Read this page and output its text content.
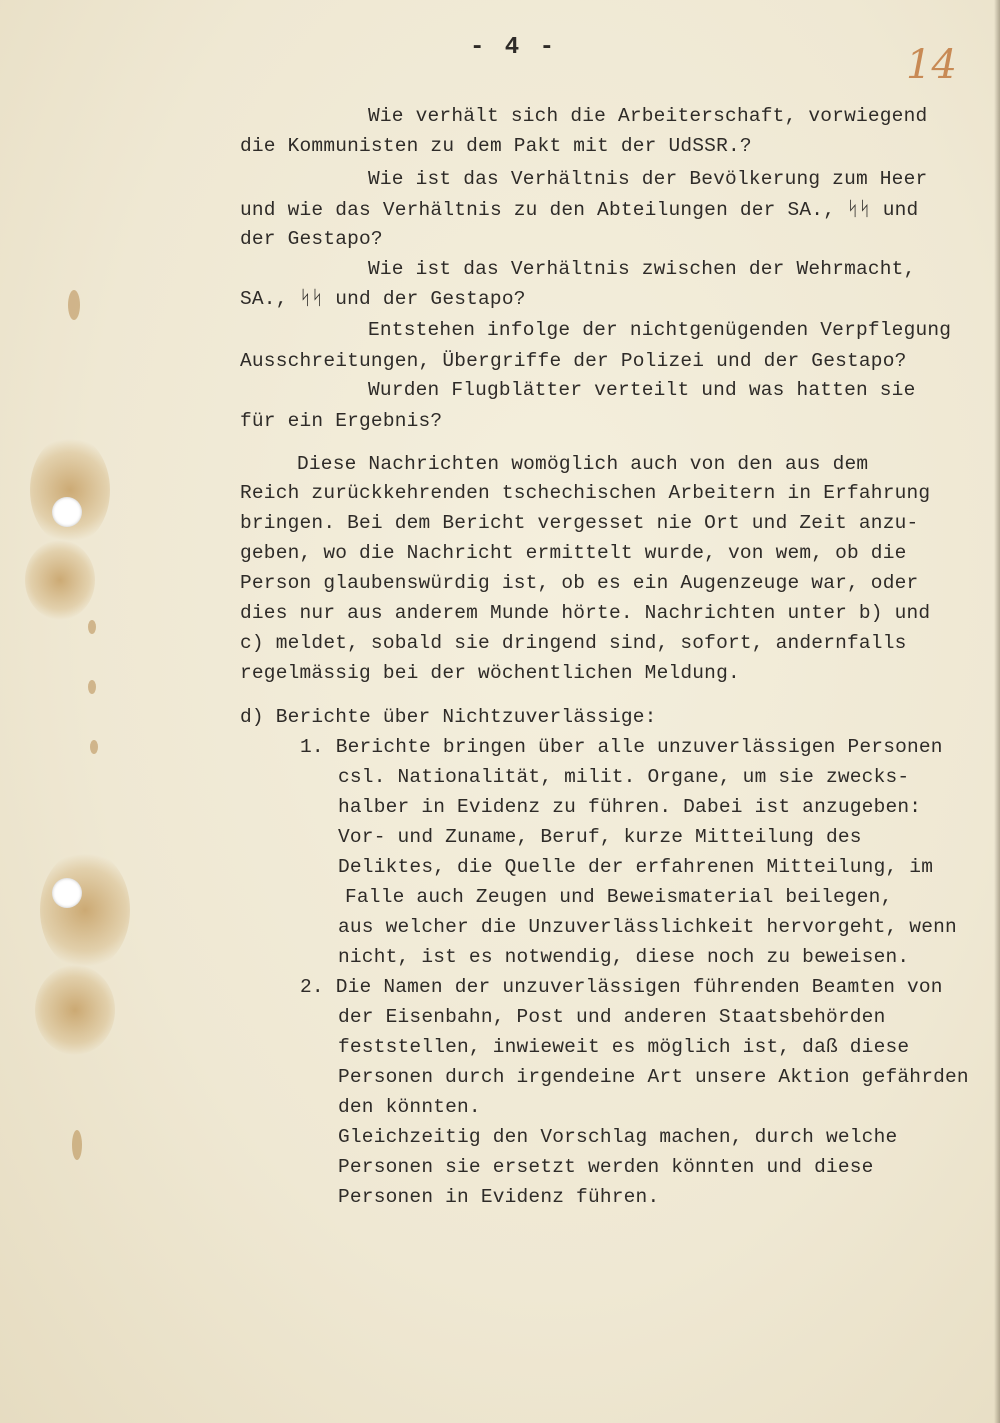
- 4 -	14
Wie verhält sich die Arbeiterschaft, vorwiegend
die Kommunisten zu dem Pakt mit der UdSSR.?
Wie ist das Verhältnis der Bevölkerung zum Heer
und wie das Verhältnis zu den Abteilungen der SA., ᛋᛋ und
der Gestapo?
Wie ist das Verhältnis zwischen der Wehrmacht,
SA., ᛋᛋ und der Gestapo?
Entstehen infolge der nichtgenügenden Verpflegung
Ausschreitungen, Übergriffe der Polizei und der Gestapo?
Wurden Flugblätter verteilt und was hatten sie
für ein Ergebnis?
Diese Nachrichten womöglich auch von den aus dem
Reich zurückkehrenden tschechischen Arbeitern in Erfahrung
bringen. Bei dem Bericht vergesset nie Ort und Zeit anzu-
geben, wo die Nachricht ermittelt wurde, von wem, ob die
Person glaubenswürdig ist, ob es ein Augenzeuge war, oder
dies nur aus anderem Munde hörte. Nachrichten unter b) und
c) meldet, sobald sie dringend sind, sofort, andernfalls
regelmässig bei der wöchentlichen Meldung.
d) Berichte über Nichtzuverlässige:
1. Berichte bringen über alle unzuverlässigen Personen
csl. Nationalität, milit. Organe, um sie zwecks-
halber in Evidenz zu führen. Dabei ist anzugeben:
Vor- und Zuname, Beruf, kurze Mitteilung des
Deliktes, die Quelle der erfahrenen Mitteilung, im
Falle auch Zeugen und Beweismaterial beilegen,
aus welcher die Unzuverlässlichkeit hervorgeht, wenn
nicht, ist es notwendig, diese noch zu beweisen.
2. Die Namen der unzuverlässigen führenden Beamten von
der Eisenbahn, Post und anderen Staatsbehörden
feststellen, inwieweit es möglich ist, daß diese
Personen durch irgendeine Art unsere Aktion gefährden
den könnten.
Gleichzeitig den Vorschlag machen, durch welche
Personen sie ersetzt werden könnten und diese
Personen in Evidenz führen.
